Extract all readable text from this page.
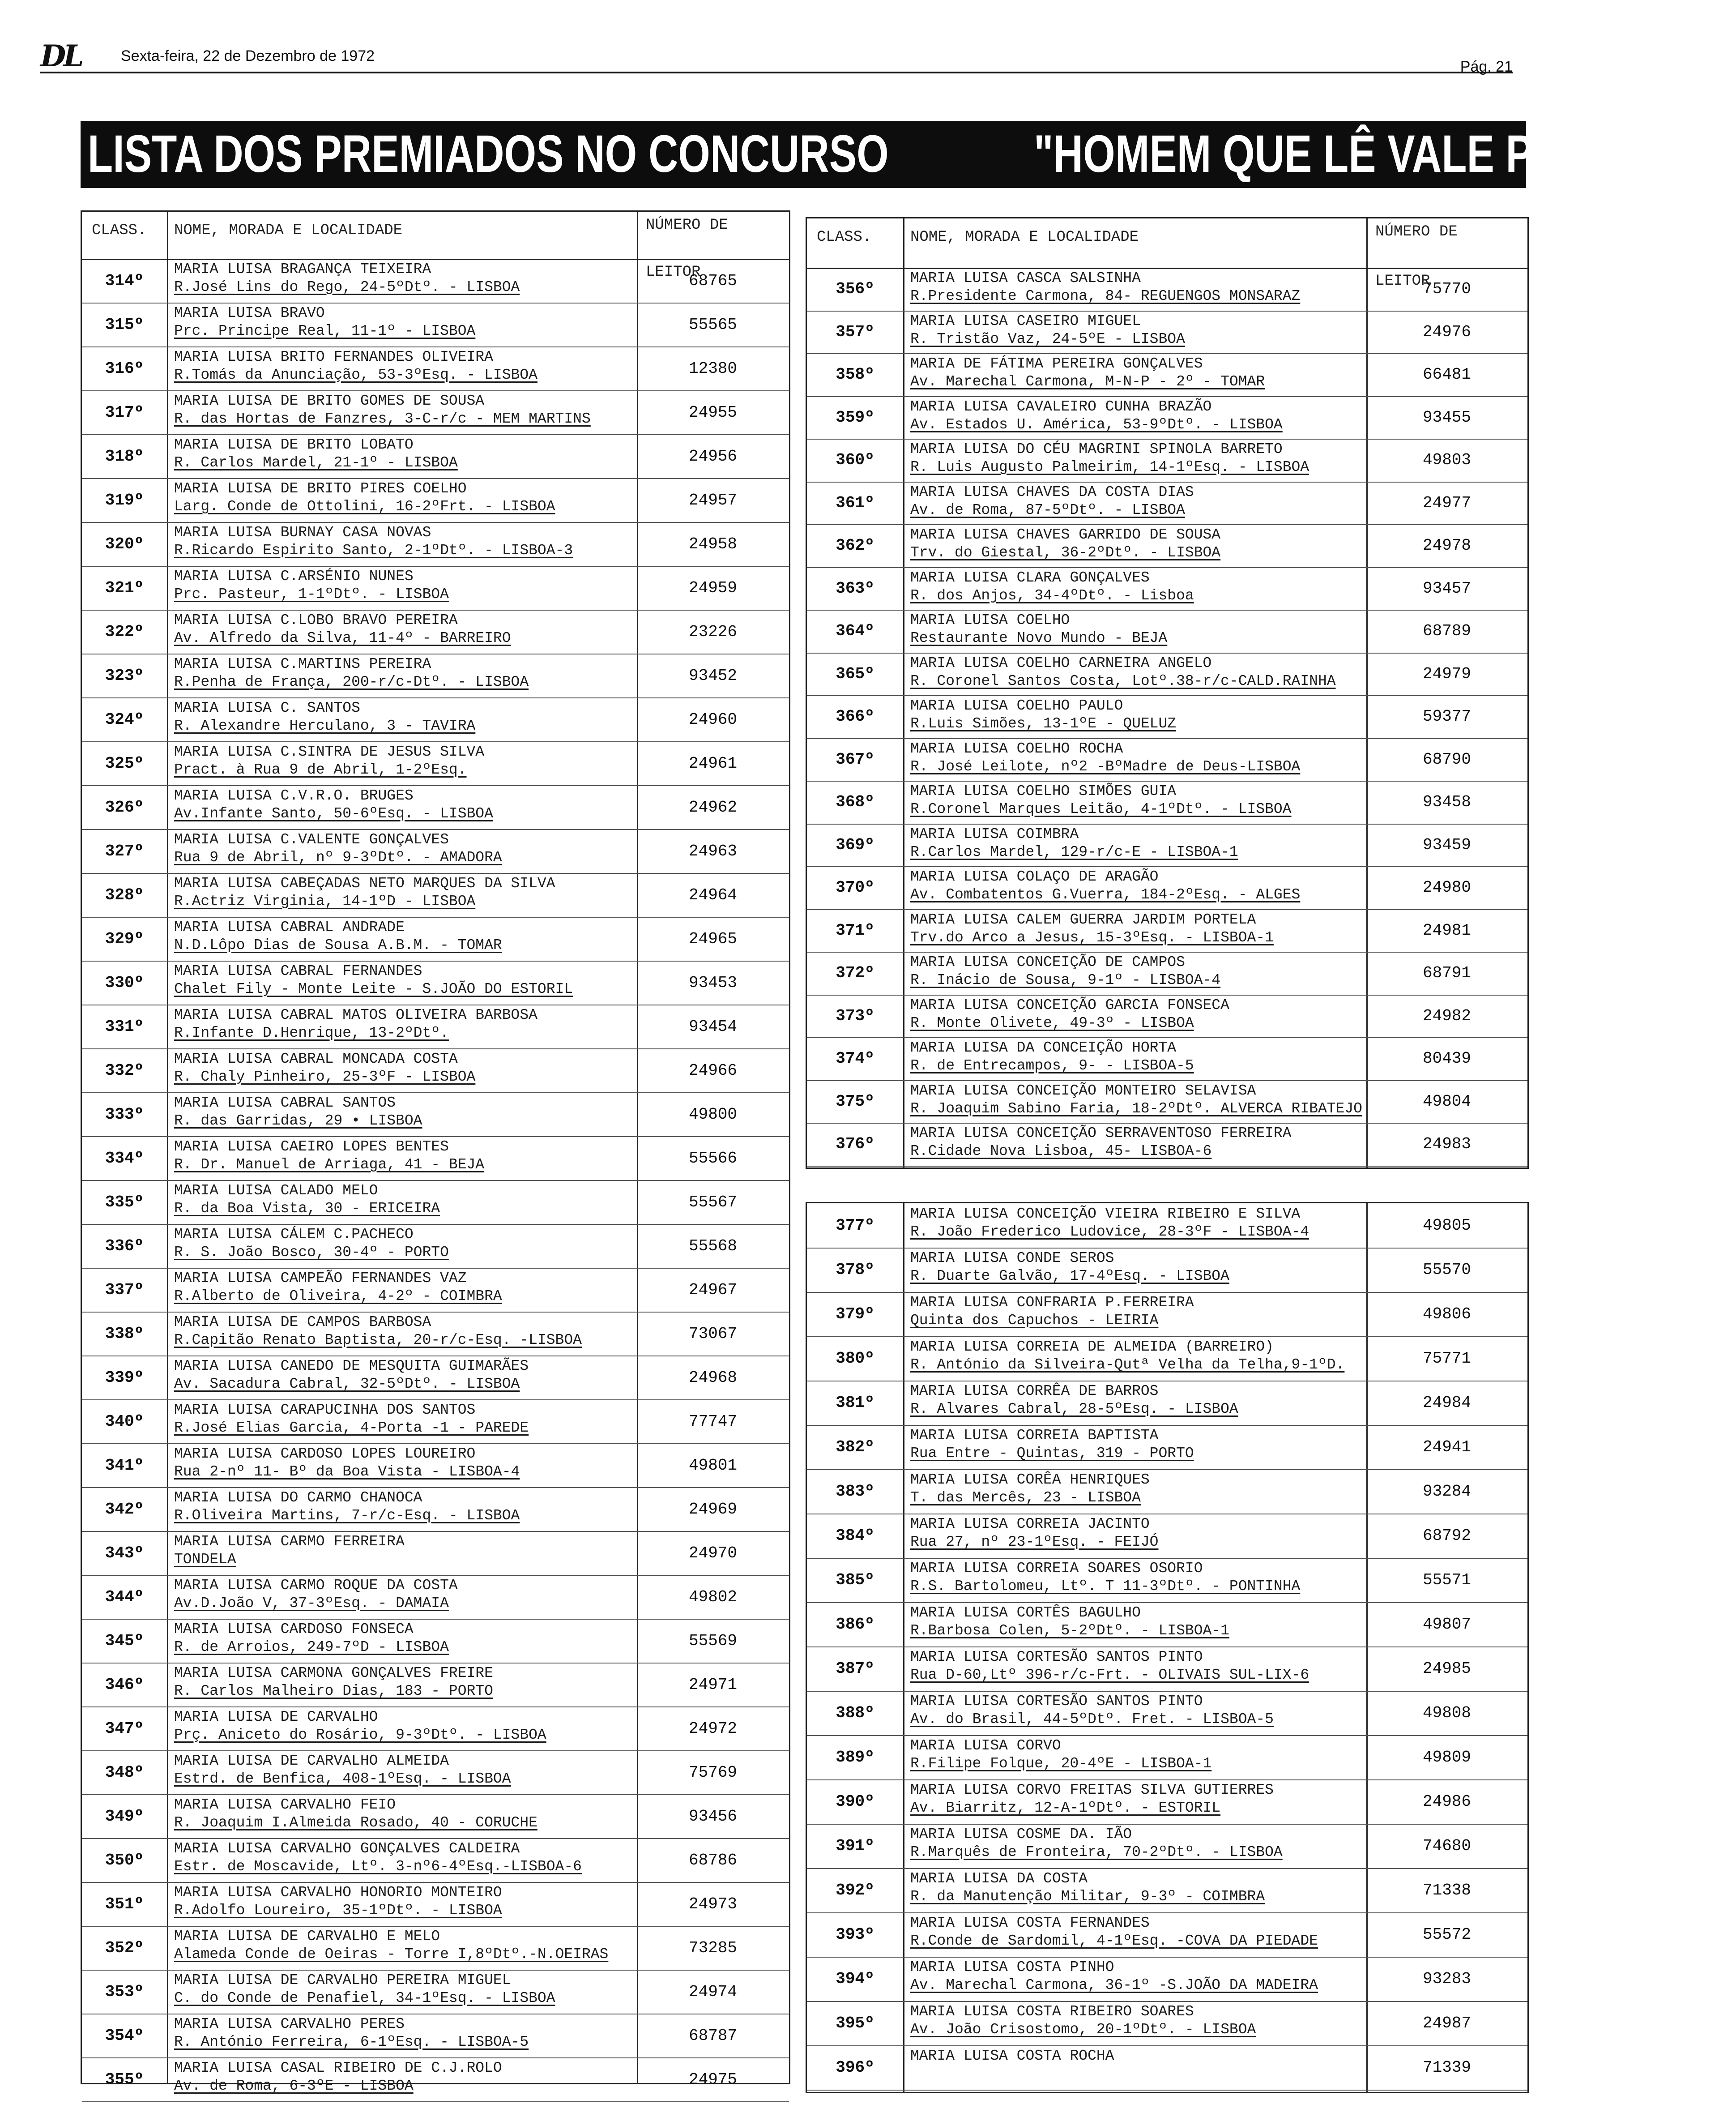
DL	Sexta-feira, 22 de Dezembro de 1972
Pág. 21
LISTA DOS PREMIADOS NO CONCURSO	"HOMEM QUE LÊ VALE POR TRÊS"
CLASS. NOME, MORADA E LOCALIDADE	NÚMERO DE
LEITOR
314º
MARIA LUISA BRAGANÇA TEIXEIRA
R.José Lins do Rego, 24-5ºDtº. - LISBOA	68765
315º
MARIA LUISA BRAVO
Prc. Principe Real, 11-1º - LISBOA	55565
316º
MARIA LUISA BRITO FERNANDES OLIVEIRA
R.Tomás da Anunciação, 53-3ºEsq. - LISBOA	12380
317º
MARIA LUISA DE BRITO GOMES DE SOUSA
R. das Hortas de Fanzres, 3-C-r/c - MEM MARTINS	24955
318º
MARIA LUISA DE BRITO LOBATO
R. Carlos Mardel, 21-1º - LISBOA	24956
319º
MARIA LUISA DE BRITO PIRES COELHO
Larg. Conde de Ottolini, 16-2ºFrt. - LISBOA	24957
320º
MARIA LUISA BURNAY CASA NOVAS
R.Ricardo Espirito Santo, 2-1ºDtº. - LISBOA-3	24958
321º
MARIA LUISA C.ARSÉNIO NUNES
Prc. Pasteur, 1-1ºDtº. - LISBOA	24959
322º
MARIA LUISA C.LOBO BRAVO PEREIRA
Av. Alfredo da Silva, 11-4º - BARREIRO	23226
323º
MARIA LUISA C.MARTINS PEREIRA
R.Penha de França, 200-r/c-Dtº. - LISBOA	93452
324º
MARIA LUISA C. SANTOS
R. Alexandre Herculano, 3 - TAVIRA	24960
325º
MARIA LUISA C.SINTRA DE JESUS SILVA
Pract. à Rua 9 de Abril, 1-2ºEsq.	24961
326º
MARIA LUISA C.V.R.O. BRUGES
Av.Infante Santo, 50-6ºEsq. - LISBOA	24962
327º
MARIA LUISA C.VALENTE GONÇALVES
Rua 9 de Abril, nº 9-3ºDtº. - AMADORA	24963
328º
MARIA LUISA CABEÇADAS NETO MARQUES DA SILVA
R.Actriz Virginia, 14-1ºD - LISBOA	24964
329º
MARIA LUISA CABRAL ANDRADE
N.D.Lôpo Dias de Sousa A.B.M. - TOMAR	24965
330º
MARIA LUISA CABRAL FERNANDES
Chalet Fily - Monte Leite - S.JOÃO DO ESTORIL	93453
331º
MARIA LUISA CABRAL MATOS OLIVEIRA BARBOSA
R.Infante D.Henrique, 13-2ºDtº.	93454
332º
MARIA LUISA CABRAL MONCADA COSTA
R. Chaly Pinheiro, 25-3ºF - LISBOA	24966
333º
MARIA LUISA CABRAL SANTOS
R. das Garridas, 29 • LISBOA	49800
334º
MARIA LUISA CAEIRO LOPES BENTES
R. Dr. Manuel de Arriaga, 41 - BEJA	55566
335º
MARIA LUISA CALADO MELO
R. da Boa Vista, 30 - ERICEIRA	55567
336º
MARIA LUISA CÁLEM C.PACHECO
R. S. João Bosco, 30-4º - PORTO	55568
337º
MARIA LUISA CAMPEÃO FERNANDES VAZ
R.Alberto de Oliveira, 4-2º - COIMBRA	24967
338º
MARIA LUISA DE CAMPOS BARBOSA
R.Capitão Renato Baptista, 20-r/c-Esq. -LISBOA	73067
339º
MARIA LUISA CANEDO DE MESQUITA GUIMARÃES
Av. Sacadura Cabral, 32-5ºDtº. - LISBOA	24968
340º
MARIA LUISA CARAPUCINHA DOS SANTOS
R.José Elias Garcia, 4-Porta -1 - PAREDE	77747
341º
MARIA LUISA CARDOSO LOPES LOUREIRO
Rua 2-nº 11- Bº da Boa Vista - LISBOA-4	49801
342º
MARIA LUISA DO CARMO CHANOCA
R.Oliveira Martins, 7-r/c-Esq. - LISBOA	24969
343º
MARIA LUISA CARMO FERREIRA
TONDELA	24970
344º
MARIA LUISA CARMO ROQUE DA COSTA
Av.D.João V, 37-3ºEsq. - DAMAIA	49802
345º
MARIA LUISA CARDOSO FONSECA
R. de Arroios, 249-7ºD - LISBOA	55569
346º
MARIA LUISA CARMONA GONÇALVES FREIRE
R. Carlos Malheiro Dias, 183 - PORTO	24971
347º
MARIA LUISA DE CARVALHO
Prç. Aniceto do Rosário, 9-3ºDtº. - LISBOA	24972
348º
MARIA LUISA DE CARVALHO ALMEIDA
Estrd. de Benfica, 408-1ºEsq. - LISBOA	75769
349º
MARIA LUISA CARVALHO FEIO
R. Joaquim I.Almeida Rosado, 40 - CORUCHE	93456
350º
MARIA LUISA CARVALHO GONÇALVES CALDEIRA
Estr. de Moscavide, Ltº. 3-nº6-4ºEsq.-LISBOA-6	68786
351º
MARIA LUISA CARVALHO HONORIO MONTEIRO
R.Adolfo Loureiro, 35-1ºDtº. - LISBOA	24973
352º
MARIA LUISA DE CARVALHO E MELO
Alameda Conde de Oeiras - Torre I,8ºDtº.-N.OEIRAS	73285
353º
MARIA LUISA DE CARVALHO PEREIRA MIGUEL
C. do Conde de Penafiel, 34-1ºEsq. - LISBOA	24974
354º
MARIA LUISA CARVALHO PERES
R. António Ferreira, 6-1ºEsq. - LISBOA-5	68787
355º
MARIA LUISA CASAL RIBEIRO DE C.J.ROLO
Av. de Roma, 6-3ºE - LISBOA	24975
CLASS.	NOME, MORADA E LOCALIDADE	NÚMERO DE
LEITOR
356º
MARIA LUISA CASCA SALSINHA
R.Presidente Carmona, 84- REGUENGOS MONSARAZ	75770
357º
MARIA LUISA CASEIRO MIGUEL
R. Tristão Vaz, 24-5ºE - LISBOA	24976
358º
MARIA DE FÁTIMA PEREIRA GONÇALVES
Av. Marechal Carmona, M-N-P - 2º - TOMAR	66481
359º
MARIA LUISA CAVALEIRO CUNHA BRAZÃO
Av. Estados U. América, 53-9ºDtº. - LISBOA	93455
360º
MARIA LUISA DO CÉU MAGRINI SPINOLA BARRETO
R. Luis Augusto Palmeirim, 14-1ºEsq. - LISBOA	49803
361º
MARIA LUISA CHAVES DA COSTA DIAS
Av. de Roma, 87-5ºDtº. - LISBOA	24977
362º
MARIA LUISA CHAVES GARRIDO DE SOUSA
Trv. do Giestal, 36-2ºDtº. - LISBOA	24978
363º
MARIA LUISA CLARA GONÇALVES
R. dos Anjos, 34-4ºDtº. - Lisboa	93457
364º
MARIA LUISA COELHO
Restaurante Novo Mundo - BEJA	68789
365º
MARIA LUISA COELHO CARNEIRA ANGELO
R. Coronel Santos Costa, Lotº.38-r/c-CALD.RAINHA	24979
366º
MARIA LUISA COELHO PAULO
R.Luis Simões, 13-1ºE - QUELUZ	59377
367º
MARIA LUISA COELHO ROCHA
R. José Leilote, nº2 -BºMadre de Deus-LISBOA	68790
368º
MARIA LUISA COELHO SIMÕES GUIA
R.Coronel Marques Leitão, 4-1ºDtº. - LISBOA	93458
369º
MARIA LUISA COIMBRA
R.Carlos Mardel, 129-r/c-E - LISBOA-1	93459
370º
MARIA LUISA COLAÇO DE ARAGÃO
Av. Combatentos G.Vuerra, 184-2ºEsq. - ALGES	24980
371º
MARIA LUISA CALEM GUERRA JARDIM PORTELA
Trv.do Arco a Jesus, 15-3ºEsq. - LISBOA-1	24981
372º
MARIA LUISA CONCEIÇÃO DE CAMPOS
R. Inácio de Sousa, 9-1º - LISBOA-4	68791
373º
MARIA LUISA CONCEIÇÃO GARCIA FONSECA
R. Monte Olivete, 49-3º - LISBOA	24982
374º
MARIA LUISA DA CONCEIÇÃO HORTA
R. de Entrecampos, 9- - LISBOA-5	80439
375º
MARIA LUISA CONCEIÇÃO MONTEIRO SELAVISA
R. Joaquim Sabino Faria, 18-2ºDtº. ALVERCA RIBATEJO	49804
376º
MARIA LUISA CONCEIÇÃO SERRAVENTOSO FERREIRA
R.Cidade Nova Lisboa, 45- LISBOA-6	24983
377º
MARIA LUISA CONCEIÇÃO VIEIRA RIBEIRO E SILVA
R. João Frederico Ludovice, 28-3ºF - LISBOA-4	49805
378º
MARIA LUISA CONDE SEROS
R. Duarte Galvão, 17-4ºEsq. - LISBOA	55570
379º
MARIA LUISA CONFRARIA P.FERREIRA
Quinta dos Capuchos - LEIRIA	49806
380º
MARIA LUISA CORREIA DE ALMEIDA (BARREIRO)
R. António da Silveira-Qutª Velha da Telha,9-1ºD.	75771
381º
MARIA LUISA CORRÊA DE BARROS
R. Alvares Cabral, 28-5ºEsq. - LISBOA	24984
382º
MARIA LUISA CORREIA BAPTISTA
Rua Entre - Quintas, 319 - PORTO	24941
383º
MARIA LUISA CORÊA HENRIQUES
T. das Mercês, 23 - LISBOA	93284
384º
MARIA LUISA CORREIA JACINTO
Rua 27, nº 23-1ºEsq. - FEIJÓ	68792
385º
MARIA LUISA CORREIA SOARES OSORIO
R.S. Bartolomeu, Ltº. T 11-3ºDtº. - PONTINHA	55571
386º
MARIA LUISA CORTÊS BAGULHO
R.Barbosa Colen, 5-2ºDtº. - LISBOA-1	49807
387º
MARIA LUISA CORTESÃO SANTOS PINTO
Rua D-60,Ltº 396-r/c-Frt. - OLIVAIS SUL-LIX-6	24985
388º
MARIA LUISA CORTESÃO SANTOS PINTO
Av. do Brasil, 44-5ºDtº. Fret. - LISBOA-5	49808
389º
MARIA LUISA CORVO
R.Filipe Folque, 20-4ºE - LISBOA-1	49809
390º
MARIA LUISA CORVO FREITAS SILVA GUTIERRES
Av. Biarritz, 12-A-1ºDtº. - ESTORIL	24986
391º
MARIA LUISA COSME DA. IÃO
R.Marquês de Fronteira, 70-2ºDtº. - LISBOA	74680
392º
MARIA LUISA DA COSTA
R. da Manutenção Militar, 9-3º - COIMBRA	71338
393º
MARIA LUISA COSTA FERNANDES
R.Conde de Sardomil, 4-1ºEsq. -COVA DA PIEDADE	55572
394º
MARIA LUISA COSTA PINHO
Av. Marechal Carmona, 36-1º -S.JOÃO DA MADEIRA	93283
395º
MARIA LUISA COSTA RIBEIRO SOARES
Av. João Crisostomo, 20-1ºDtº. - LISBOA	24987
396º
MARIA LUISA COSTA ROCHA
71339
